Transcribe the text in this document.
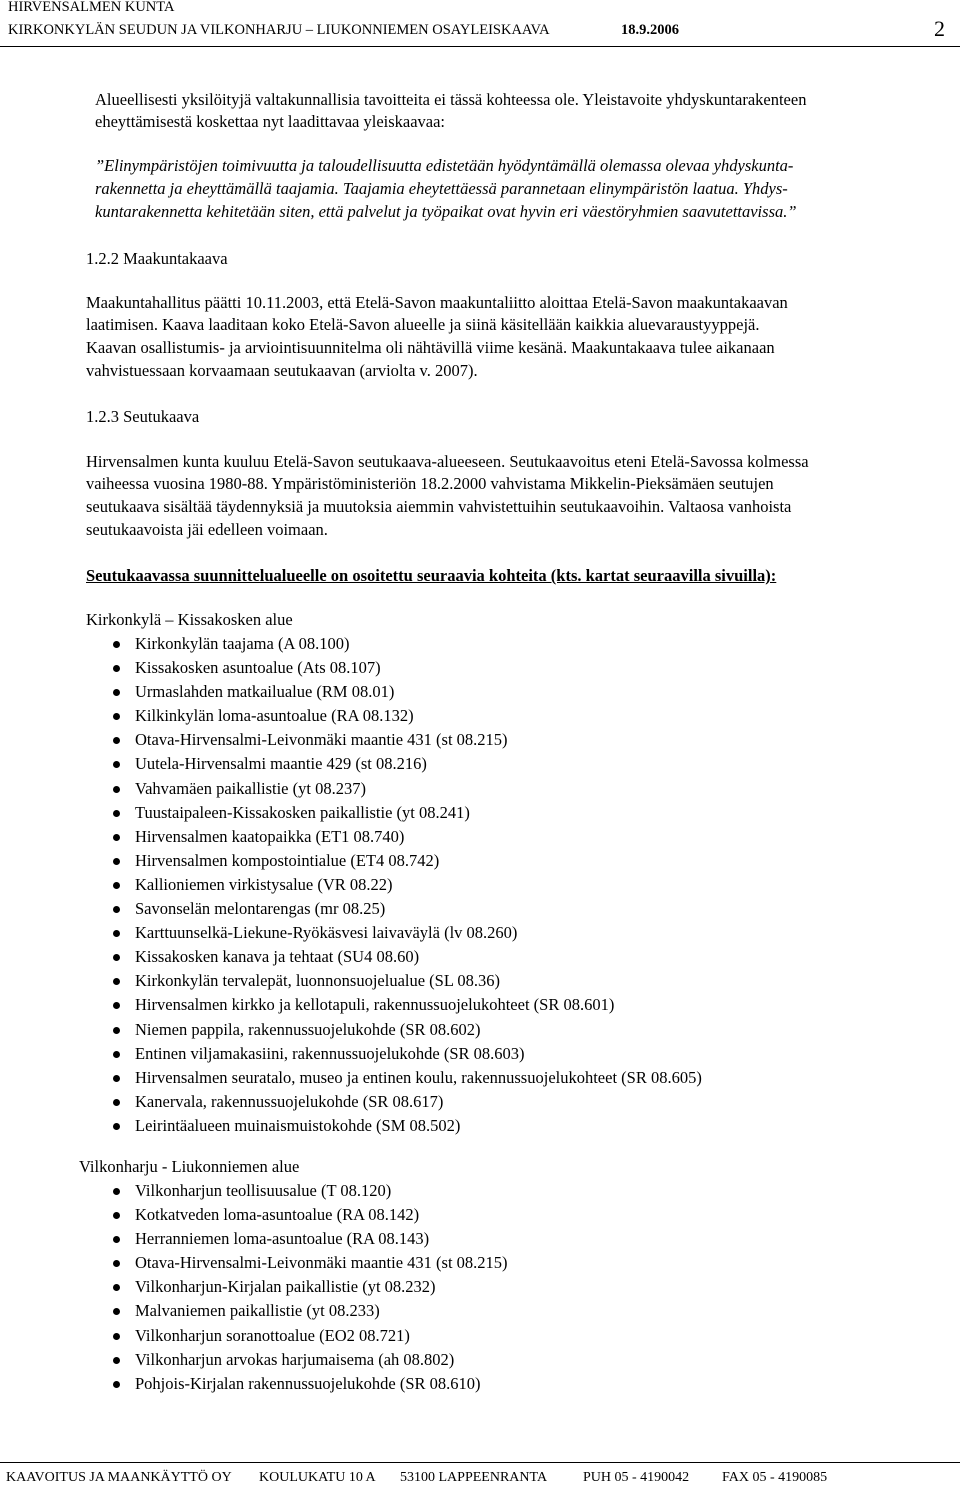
HIRVENSALMEN KUNTA
KIRKONKYLÄN SEUDUN JA VILKONHARJU – LIUKONNIEMEN OSAYLEISKAAVA	18.9.2006	2
Alueellisesti yksilöityjä valtakunnallisia tavoitteita ei tässä kohteessa ole. Yleistavoite yhdyskuntarakenteen
eheyttämisestä koskettaa nyt laadittavaa yleiskaavaa:
”Elinympäristöjen toimivuutta ja taloudellisuutta edistetään hyödyntämällä olemassa olevaa yhdyskunta-
rakennetta ja eheyttämällä taajamia. Taajamia eheytettäessä parannetaan elinympäristön laatua. Yhdys-
kuntarakennetta kehitetään siten, että palvelut ja työpaikat ovat hyvin eri väestöryhmien saavutettavissa.”
1.2.2 Maakuntakaava
Maakuntahallitus päätti 10.11.2003, että Etelä-Savon maakuntaliitto aloittaa Etelä-Savon maakuntakaavan
laatimisen. Kaava laaditaan koko Etelä-Savon alueelle ja siinä käsitellään kaikkia aluevaraustyyppejä.
Kaavan osallistumis- ja arviointisuunnitelma oli nähtävillä viime kesänä. Maakuntakaava tulee aikanaan
vahvistuessaan korvaamaan seutukaavan (arviolta v. 2007).
1.2.3 Seutukaava
Hirvensalmen kunta kuuluu Etelä-Savon seutukaava-alueeseen. Seutukaavoitus eteni Etelä-Savossa kolmessa
vaiheessa vuosina 1980-88. Ympäristöministeriön 18.2.2000 vahvistama Mikkelin-Pieksämäen seutujen
seutukaava sisältää täydennyksiä ja muutoksia aiemmin vahvistettuihin seutukaavoihin. Valtaosa vanhoista
seutukaavoista jäi edelleen voimaan.
Seutukaavassa suunnittelualueelle on osoitettu seuraavia kohteita (kts. kartat seuraavilla sivuilla):
Kirkonkylä – Kissakosken alue
Kirkonkylän taajama (A 08.100)
Kissakosken asuntoalue (Ats 08.107)
Urmaslahden matkailualue (RM 08.01)
Kilkinkylän loma-asuntoalue (RA 08.132)
Otava-Hirvensalmi-Leivonmäki maantie 431 (st 08.215)
Uutela-Hirvensalmi maantie 429 (st 08.216)
Vahvamäen paikallistie (yt 08.237)
Tuustaipaleen-Kissakosken paikallistie (yt 08.241)
Hirvensalmen kaatopaikka (ET1 08.740)
Hirvensalmen kompostointialue (ET4 08.742)
Kallioniemen virkistysalue (VR 08.22)
Savonselän melontarengas (mr 08.25)
Karttuunselkä-Liekune-Ryökäsvesi laivaväylä (lv 08.260)
Kissakosken kanava ja tehtaat (SU4 08.60)
Kirkonkylän tervalepät, luonnonsuojelualue (SL 08.36)
Hirvensalmen kirkko ja kellotapuli, rakennussuojelukohteet (SR 08.601)
Niemen pappila, rakennussuojelukohde (SR 08.602)
Entinen viljamakasiini, rakennussuojelukohde (SR 08.603)
Hirvensalmen seuratalo, museo ja entinen koulu, rakennussuojelukohteet (SR 08.605)
Kanervala, rakennussuojelukohde (SR 08.617)
Leirintäalueen muinaismuistokohde (SM 08.502)
Vilkonharju - Liukonniemen alue
Vilkonharjun teollisuusalue (T 08.120)
Kotkatveden loma-asuntoalue (RA 08.142)
Herranniemen loma-asuntoalue (RA 08.143)
Otava-Hirvensalmi-Leivonmäki maantie 431 (st 08.215)
Vilkonharjun-Kirjalan paikallistie (yt 08.232)
Malvaniemen paikallistie (yt 08.233)
Vilkonharjun soranottoalue (EO2 08.721)
Vilkonharjun arvokas harjumaisema (ah 08.802)
Pohjois-Kirjalan rakennussuojelukohde (SR 08.610)
KAAVOITUS JA MAANKÄYTTÖ OY KOULUKATU 10 A 53100 LAPPEENRANTA	PUH 05 - 4190042 FAX 05 - 4190085
